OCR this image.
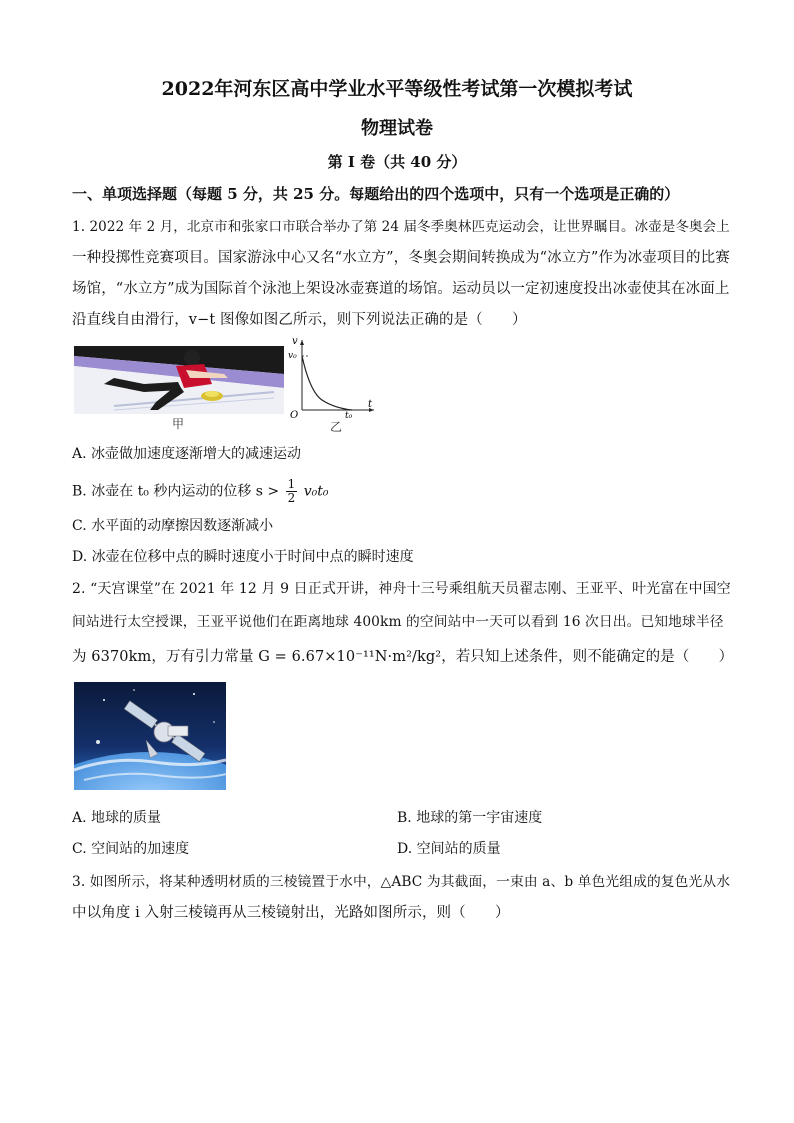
2022年河东区高中学业水平等级性考试第一次模拟考试
物理试卷
第 I 卷（共 40 分）
一、单项选择题（每题 5 分，共 25 分。每题给出的四个选项中，只有一个选项是正确的）
1. 2022 年 2 月，北京市和张家口市联合举办了第 24 届冬季奥林匹克运动会，让世界瞩目。冰壶是冬奥会上
一种投掷性竞赛项目。国家游泳中心又名“水立方”，冬奥会期间转换成为“冰立方”作为冰壶项目的比赛
场馆，“水立方”成为国际首个泳池上架设冰壶赛道的场馆。运动员以一定初速度投出冰壶使其在冰面上
沿直线自由滑行，v−t 图像如图乙所示，则下列说法正确的是（　　）
甲
v
v₀
t
t₀
O
乙
A. 冰壶做加速度逐渐增大的减速运动
B. 冰壶在 t₀ 秒内运动的位移 $s > \frac{1}{2} v_0t_0$
C. 水平面的动摩擦因数逐渐减小
D. 冰壶在位移中点的瞬时速度小于时间中点的瞬时速度
2. “天宫课堂”在 2021 年 12 月 9 日正式开讲，神舟十三号乘组航天员翟志刚、王亚平、叶光富在中国空
间站进行太空授课，王亚平说他们在距离地球 400km 的空间站中一天可以看到 16 次日出。已知地球半径
为 6370km，万有引力常量 G = 6.67×10⁻¹¹N·m²/kg²，若只知上述条件，则不能确定的是（　　）
A. 地球的质量	B. 地球的第一宇宙速度
C. 空间站的加速度	D. 空间站的质量
3. 如图所示，将某种透明材质的三棱镜置于水中，△ABC 为其截面，一束由 a、b 单色光组成的复色光从水
中以角度 i 入射三棱镜再从三棱镜射出，光路如图所示，则（　　）
